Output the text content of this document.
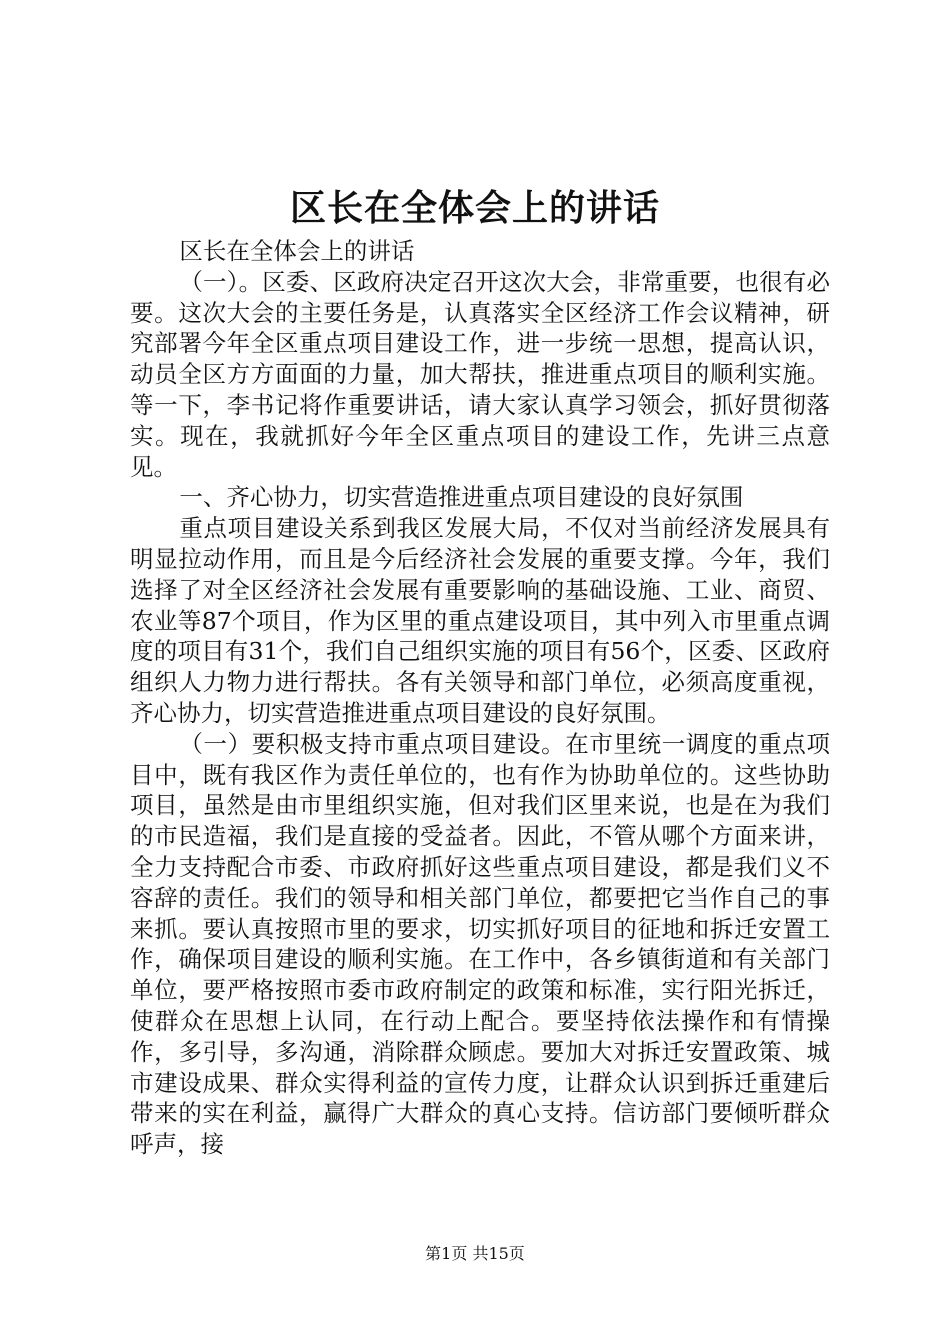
区长在全体会上的讲话

区长在全体会上的讲话

（一）。区委、区政府决定召开这次大会，非常重要，也很有必要。这次大会的主要任务是，认真落实全区经济工作会议精神，研究部署今年全区重点项目建设工作，进一步统一思想，提高认识，动员全区方方面面的力量，加大帮扶，推进重点项目的顺利实施。等一下，李书记将作重要讲话，请大家认真学习领会，抓好贯彻落实。现在，我就抓好今年全区重点项目的建设工作，先讲三点意见。

一、齐心协力，切实营造推进重点项目建设的良好氛围

重点项目建设关系到我区发展大局，不仅对当前经济发展具有明显拉动作用，而且是今后经济社会发展的重要支撑。今年，我们选择了对全区经济社会发展有重要影响的基础设施、工业、商贸、农业等87个项目，作为区里的重点建设项目，其中列入市里重点调度的项目有31个，我们自己组织实施的项目有56个，区委、区政府组织人力物力进行帮扶。各有关领导和部门单位，必须高度重视，齐心协力，切实营造推进重点项目建设的良好氛围。

（一）要积极支持市重点项目建设。在市里统一调度的重点项目中，既有我区作为责任单位的，也有作为协助单位的。这些协助项目，虽然是由市里组织实施，但对我们区里来说，也是在为我们的市民造福，我们是直接的受益者。因此，不管从哪个方面来讲，全力支持配合市委、市政府抓好这些重点项目建设，都是我们义不容辞的责任。我们的领导和相关部门单位，都要把它当作自己的事来抓。要认真按照市里的要求，切实抓好项目的征地和拆迁安置工作，确保项目建设的顺利实施。在工作中，各乡镇街道和有关部门单位，要严格按照市委市政府制定的政策和标准，实行阳光拆迁，使群众在思想上认同，在行动上配合。要坚持依法操作和有情操作，多引导，多沟通，消除群众顾虑。要加大对拆迁安置政策、城市建设成果、群众实得利益的宣传力度，让群众认识到拆迁重建后带来的实在利益，赢得广大群众的真心支持。信访部门要倾听群众呼声，接

第1页 共15页
